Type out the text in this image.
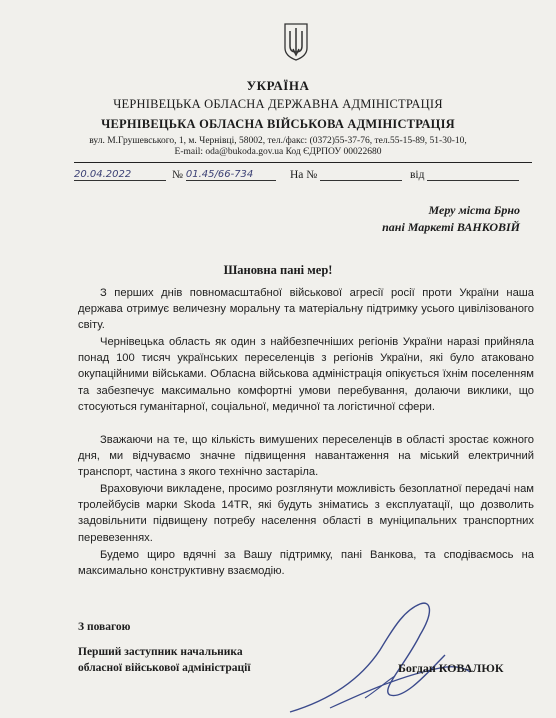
УКРАЇНА
ЧЕРНІВЕЦЬКА ОБЛАСНА ДЕРЖАВНА АДМІНІСТРАЦІЯ
ЧЕРНІВЕЦЬКА ОБЛАСНА ВІЙСЬКОВА АДМІНІСТРАЦІЯ
вул. М.Грушевського, 1, м. Чернівці, 58002, тел./факс: (0372)55-37-76, тел.55-15-89, 51-30-10,
E-mail: oda@bukoda.gov.ua Код ЄДРПОУ 00022680
20.04.2022	№ 01.45/66-734	На №	від
Меру міста Брно
пані Маркеті ВАНКОВІЙ
Шановна пані мер!

З перших днів повномасштабної військової агресії росії проти України наша держава отримує величезну моральну та матеріальну підтримку усього цивілізованого світу.

Чернівецька область як один з найбезпечніших регіонів України наразі прийняла понад 100 тисяч українських переселенців з регіонів України, які було атаковано окупаційними військами. Обласна військова адміністрація опікується їхнім поселенням та забезпечує максимально комфортні умови перебування, долаючи виклики, що стосуються гуманітарної, соціальної, медичної та логістичної сфери.

Зважаючи на те, що кількість вимушених переселенців в області зростає кожного дня, ми відчуваємо значне підвищення навантаження на міський електричний транспорт, частина з якого технічно застаріла.

Враховуючи викладене, просимо розглянути можливість безоплатної передачі нам тролейбусів марки Skoda 14TR, які будуть зніматись з експлуатації, що дозволить задовільнити підвищену потребу населення області в муніципальних транспортних перевезеннях.

Будемо щиро вдячні за Вашу підтримку, пані Ванкова, та сподіваємось на максимально конструктивну взаємодію.

З повагою
Перший заступник начальника
обласної військової адміністрації	Богдан КОВАЛЮК
